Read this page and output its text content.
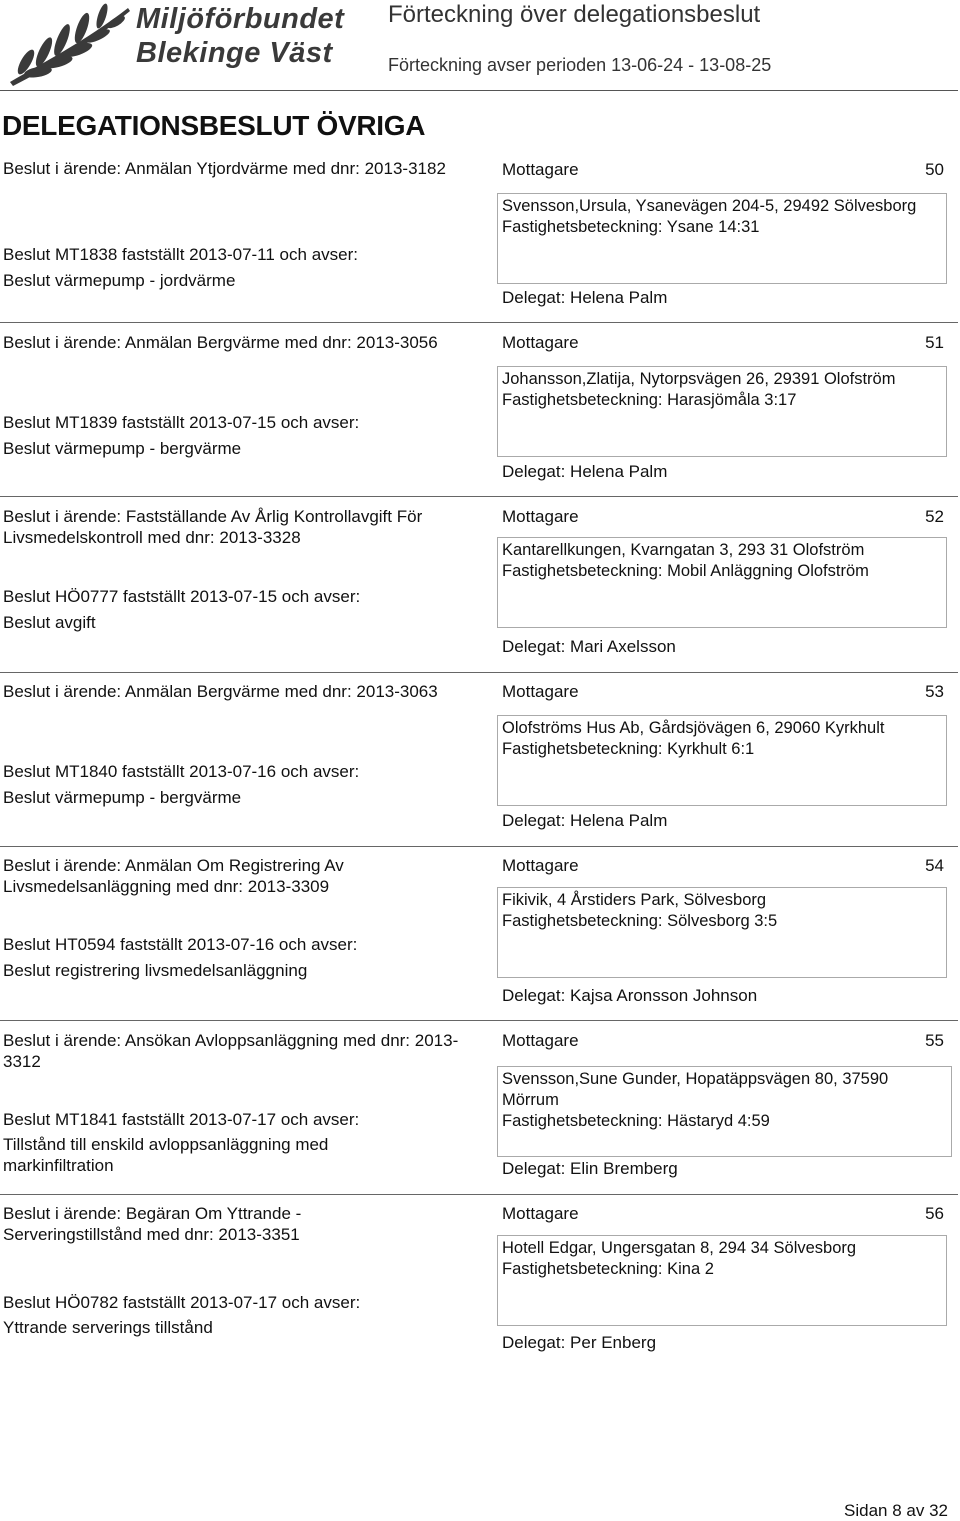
Miljöförbundet
Blekinge Väst
Förteckning över delegationsbeslut
Förteckning avser perioden 13-06-24 - 13-08-25
DELEGATIONSBESLUT ÖVRIGA
Beslut i ärende: Anmälan Ytjordvärme med dnr: 2013-3182
Beslut MT1838 fastställt 2013-07-11 och avser:
Beslut värmepump - jordvärme
Mottagare	50
Svensson,Ursula, Ysanevägen 204-5, 29492 Sölvesborg
Fastighetsbeteckning: Ysane 14:31
Delegat: Helena Palm
Beslut i ärende: Anmälan Bergvärme med dnr: 2013-3056
Beslut MT1839 fastställt 2013-07-15 och avser:
Beslut värmepump - bergvärme
Mottagare	51
Johansson,Zlatija, Nytorpsvägen 26, 29391 Olofström
Fastighetsbeteckning: Harasjömåla 3:17
Delegat: Helena Palm
Beslut i ärende: Fastställande Av Årlig Kontrollavgift För Livsmedelskontroll med dnr: 2013-3328
Beslut HÖ0777 fastställt 2013-07-15 och avser:
Beslut avgift
Mottagare	52
Kantarellkungen, Kvarngatan 3, 293 31 Olofström
Fastighetsbeteckning: Mobil Anläggning Olofström
Delegat: Mari Axelsson
Beslut i ärende: Anmälan Bergvärme med dnr: 2013-3063
Beslut MT1840 fastställt 2013-07-16 och avser:
Beslut värmepump - bergvärme
Mottagare	53
Olofströms Hus Ab, Gårdsjövägen 6, 29060 Kyrkhult
Fastighetsbeteckning: Kyrkhult 6:1
Delegat: Helena Palm
Beslut i ärende: Anmälan Om Registrering Av Livsmedelsanläggning med dnr: 2013-3309
Beslut HT0594 fastställt 2013-07-16 och avser:
Beslut registrering livsmedelsanläggning
Mottagare	54
Fikivik, 4 Årstiders Park, Sölvesborg
Fastighetsbeteckning: Sölvesborg 3:5
Delegat: Kajsa Aronsson Johnson
Beslut i ärende: Ansökan Avloppsanläggning med dnr: 2013-3312
Beslut MT1841 fastställt 2013-07-17 och avser:
Tillstånd till enskild avloppsanläggning med markinfiltration
Mottagare	55
Svensson,Sune Gunder, Hopatäppsvägen 80, 37590 Mörrum
Fastighetsbeteckning: Hästaryd 4:59
Delegat: Elin Bremberg
Beslut i ärende: Begäran Om Yttrande - Serveringstillstånd med dnr: 2013-3351
Beslut HÖ0782 fastställt 2013-07-17 och avser:
Yttrande serverings tillstånd
Mottagare	56
Hotell Edgar, Ungersgatan 8, 294 34 Sölvesborg
Fastighetsbeteckning: Kina 2
Delegat: Per Enberg
Sidan 8 av 32
